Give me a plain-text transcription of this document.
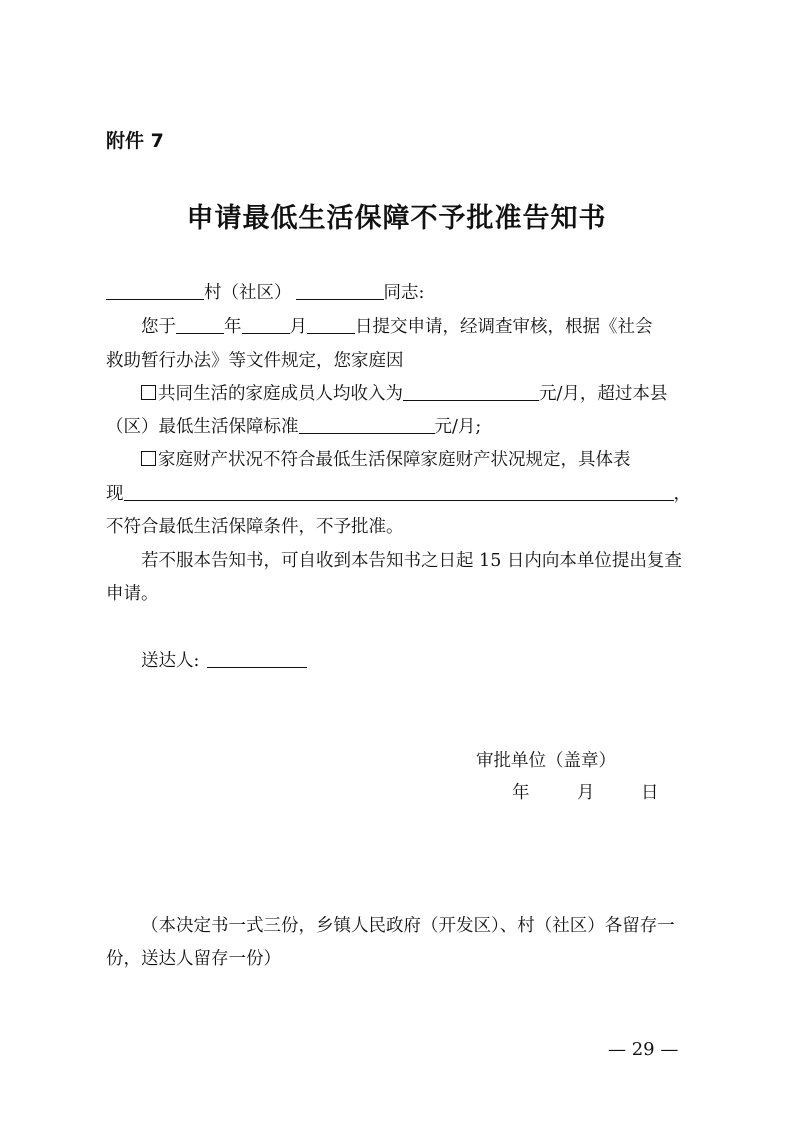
附件 7
申请最低生活保障不予批准告知书
村（社区）	同志:
您于	年	月	日提交申请，经调查审核，根据《社会
救助暂行办法》等文件规定，您家庭因
共同生活的家庭成员人均收入为	元/月，超过本县
（区）最低生活保障标准	元/月;
家庭财产状况不符合最低生活保障家庭财产状况规定，具体表
现	，
不符合最低生活保障条件，不予批准。
若不服本告知书，可自收到本告知书之日起 15 日内向本单位提出复查
申请。
送达人:
审批单位（盖章）
年	月	日
（本决定书一式三份，乡镇人民政府（开发区）、村（社区）各留存一
份，送达人留存一份）
— 29 —
